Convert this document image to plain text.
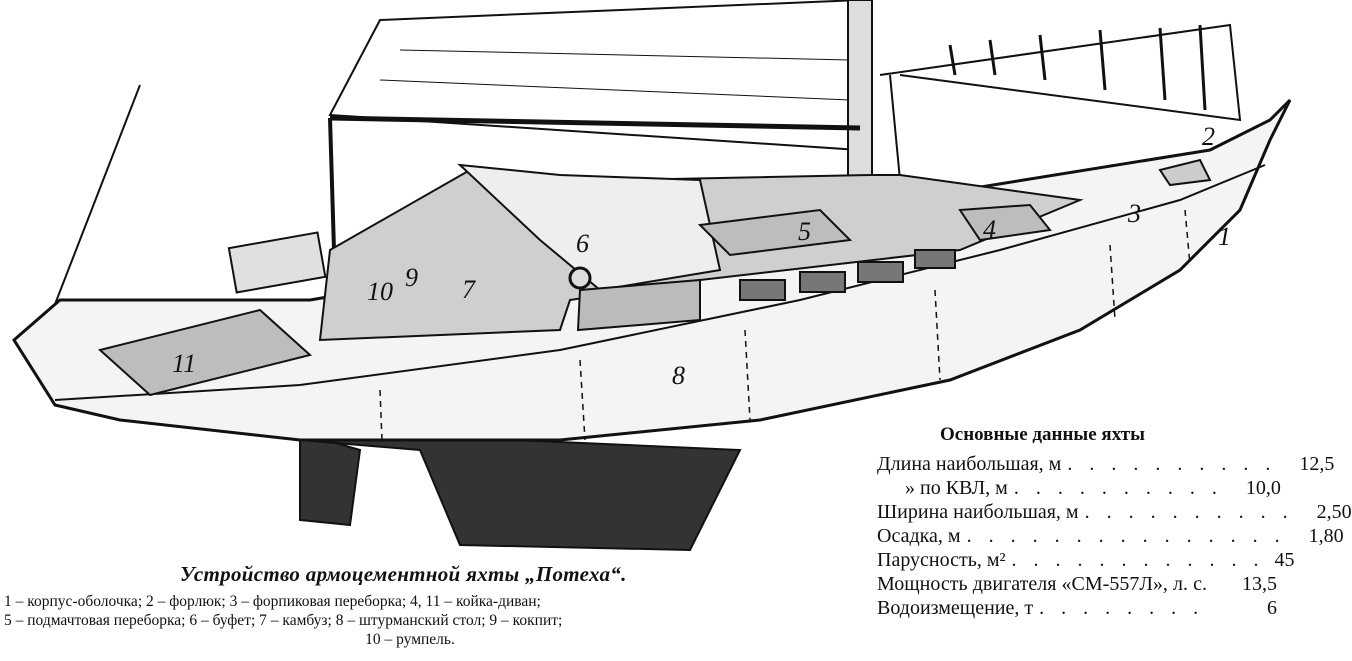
1
2
3
4
5
6
7
8
9
10
11
Устройство армоцементной яхты „Потеха“.
1 – корпус-оболочка; 2 – форлюк; 3 – форпиковая переборка; 4, 11 – койка-диван;
5 – подмачтовая переборка; 6 – буфет; 7 – камбуз; 8 – штурманский стол; 9 – кокпит;
10 – румпель.
Основные данные яхты
Длина наибольшая, м . . . . . . . . . .	12,5
» по КВЛ, м . . . . . . . . . .	10,0
Ширина наибольшая, м . . . . . . . . . .	2,50
Осадка, м . . . . . . . . . . . . . . .	1,80
Парусность, м² . . . . . . . . . . . . 45
Мощность двигателя «СМ-557Л», л. с.	13,5
Водоизмещение, т . . . . . . . .	6
